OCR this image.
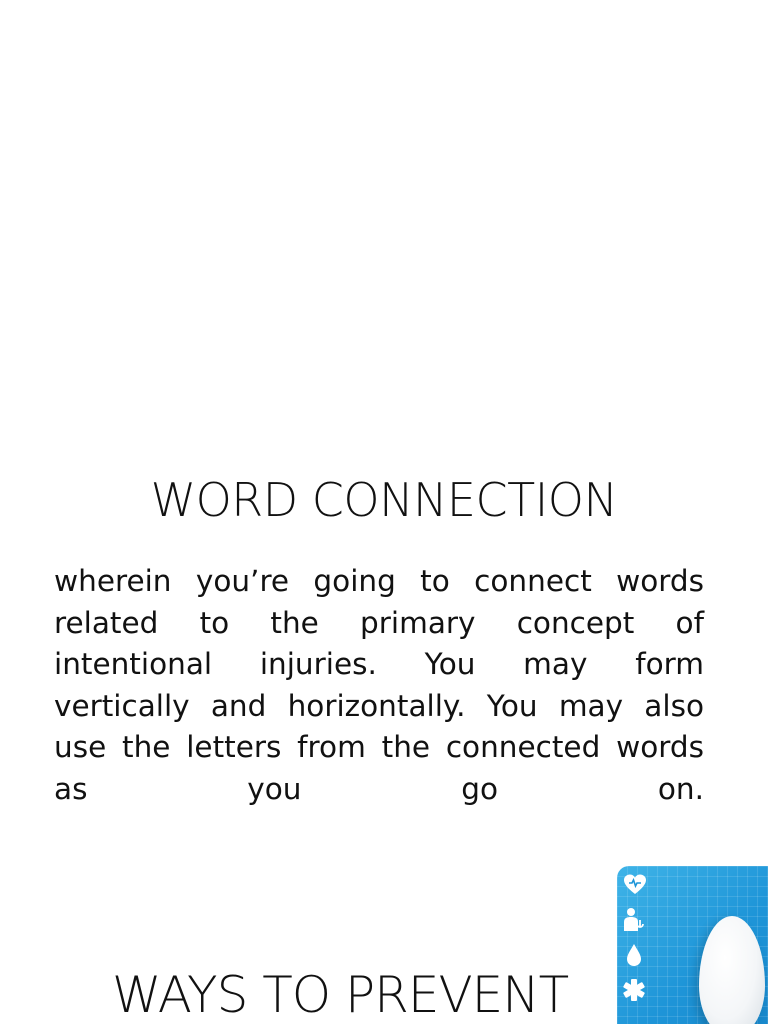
WORD CONNECTION
wherein you’re going to connect words
related to the primary concept of
intentional injuries. You may form
vertically and horizontally. You may also
use the letters from the connected words
as you go on.
WAYS TO PREVENT
